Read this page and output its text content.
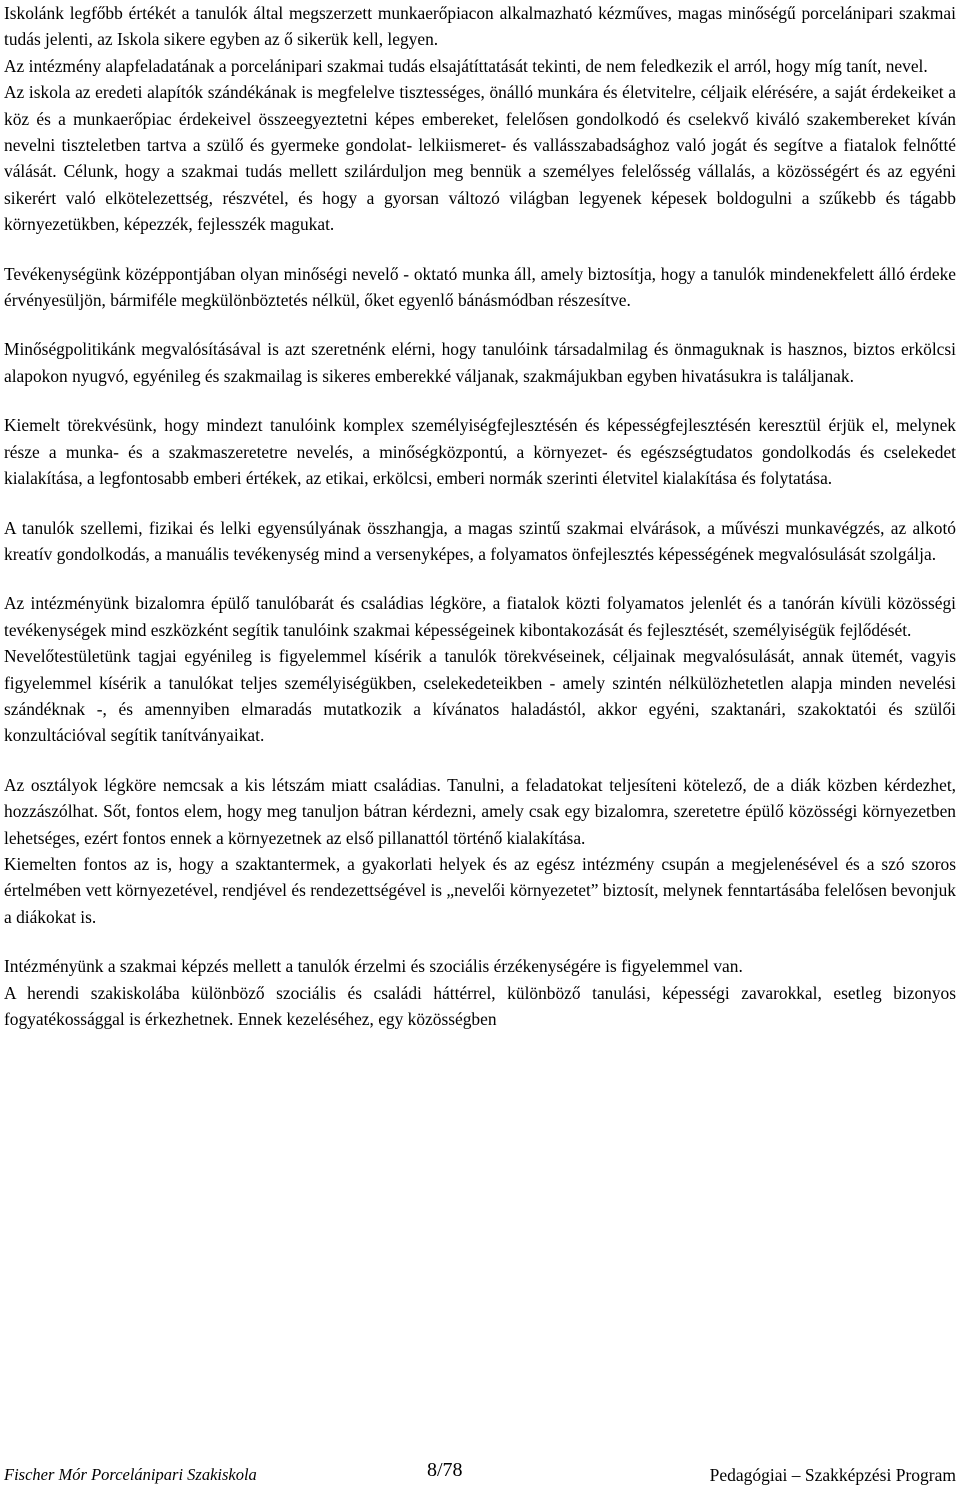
Iskolánk legfőbb értékét a tanulók által megszerzett munkaerőpiacon alkalmazható kézműves, magas minőségű porcelánipari szakmai tudás jelenti, az Iskola sikere egyben az ő sikerük kell, legyen.

Az intézmény alapfeladatának a porcelánipari szakmai tudás elsajátíttatását tekinti, de nem feledkezik el arról, hogy míg tanít, nevel.

Az iskola az eredeti alapítók szándékának is megfelelve tisztességes, önálló munkára és életvitelre, céljaik elérésére, a saját érdekeiket a köz és a munkaerőpiac érdekeivel összeegyeztetni képes embereket, felelősen gondolkodó és cselekvő kiváló szakembereket kíván nevelni tiszteletben tartva a szülő és gyermeke gondolat- lelkiismeret- és vallásszabadsághoz való jogát és segítve a fiatalok felnőtté válását. Célunk, hogy a szakmai tudás mellett szilárduljon meg bennük a személyes felelősség vállalás, a közösségért és az egyéni sikerért való elkötelezettség, részvétel, és hogy a gyorsan változó világban legyenek képesek boldogulni a szűkebb és tágabb környezetükben, képezzék, fejlesszék magukat.

Tevékenységünk középpontjában olyan minőségi nevelő - oktató munka áll, amely biztosítja, hogy a tanulók mindenekfelett álló érdeke érvényesüljön, bármiféle megkülönböztetés nélkül, őket egyenlő bánásmódban részesítve.

Minőségpolitikánk megvalósításával is azt szeretnénk elérni, hogy tanulóink társadalmilag és önmaguknak is hasznos, biztos erkölcsi alapokon nyugvó, egyénileg és szakmailag is sikeres emberekké váljanak, szakmájukban egyben hivatásukra is találjanak.

Kiemelt törekvésünk, hogy mindezt tanulóink komplex személyiségfejlesztésén és képességfejlesztésén keresztül érjük el, melynek része a munka- és a szakmaszeretetre nevelés, a minőségközpontú, a környezet- és egészségtudatos gondolkodás és cselekedet kialakítása, a legfontosabb emberi értékek, az etikai, erkölcsi, emberi normák szerinti életvitel kialakítása és folytatása.

A tanulók szellemi, fizikai és lelki egyensúlyának összhangja, a magas szintű szakmai elvárások, a művészi munkavégzés, az alkotó kreatív gondolkodás, a manuális tevékenység mind a versenyképes, a folyamatos önfejlesztés képességének megvalósulását szolgálja.

Az intézményünk bizalomra épülő tanulóbarát és családias légköre, a fiatalok közti folyamatos jelenlét és a tanórán kívüli közösségi tevékenységek mind eszközként segítik tanulóink szakmai képességeinek kibontakozását és fejlesztését, személyiségük fejlődését.

Nevelőtestületünk tagjai egyénileg is figyelemmel kísérik a tanulók törekvéseinek, céljainak megvalósulását, annak ütemét, vagyis figyelemmel kísérik a tanulókat teljes személyiségükben, cselekedeteikben - amely szintén nélkülözhetetlen alapja minden nevelési szándéknak -, és amennyiben elmaradás mutatkozik a kívánatos haladástól, akkor egyéni, szaktanári, szakoktatói és szülői konzultációval segítik tanítványaikat.

Az osztályok légköre nemcsak a kis létszám miatt családias. Tanulni, a feladatokat teljesíteni kötelező, de a diák közben kérdezhet, hozzászólhat. Sőt, fontos elem, hogy meg tanuljon bátran kérdezni, amely csak egy bizalomra, szeretetre épülő közösségi környezetben lehetséges, ezért fontos ennek a környezetnek az első pillanattól történő kialakítása.

Kiemelten fontos az is, hogy a szaktantermek, a gyakorlati helyek és az egész intézmény csupán a megjelenésével és a szó szoros értelmében vett környezetével, rendjével és rendezettségével is „nevelői környezetet” biztosít, melynek fenntartásába felelősen bevonjuk a diákokat is.

Intézményünk a szakmai képzés mellett a tanulók érzelmi és szociális érzékenységére is figyelemmel van.

A herendi szakiskolába különböző szociális és családi háttérrel, különböző tanulási, képességi zavarokkal, esetleg bizonyos fogyatékossággal is érkezhetnek. Ennek kezeléséhez, egy közösségben

Fischer Mór Porcelánipari Szakiskola	8/78	Pedagógiai – Szakképzési Program
